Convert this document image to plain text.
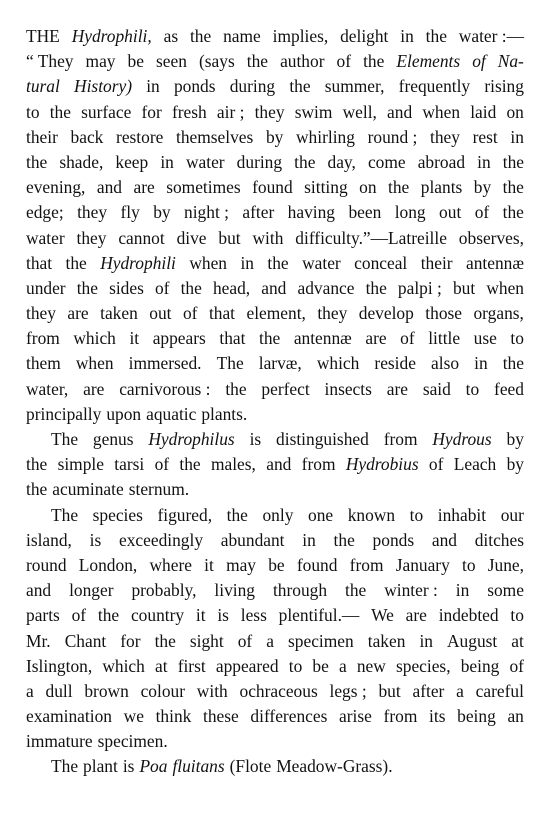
THE Hydrophili, as the name implies, delight in the water :—
“ They may be seen (says the author of the Elements of Na-
tural History) in ponds during the summer, frequently rising
to the surface for fresh air ; they swim well, and when laid on
their back restore themselves by whirling round ; they rest in
the shade, keep in water during the day, come abroad in the
evening, and are sometimes found sitting on the plants by the
edge; they fly by night ; after having been long out of the
water they cannot dive but with difficulty.”—Latreille observes,
that the Hydrophili when in the water conceal their antennæ
under the sides of the head, and advance the palpi ; but when
they are taken out of that element, they develop those organs,
from which it appears that the antennæ are of little use to
them when immersed. The larvæ, which reside also in the
water, are carnivorous : the perfect insects are said to feed
principally upon aquatic plants.
The genus Hydrophilus is distinguished from Hydrous by
the simple tarsi of the males, and from Hydrobius of Leach by
the acuminate sternum.
The species figured, the only one known to inhabit our
island, is exceedingly abundant in the ponds and ditches
round London, where it may be found from January to June,
and longer probably, living through the winter : in some
parts of the country it is less plentiful.— We are indebted to
Mr. Chant for the sight of a specimen taken in August at
Islington, which at first appeared to be a new species, being of
a dull brown colour with ochraceous legs ; but after a careful
examination we think these differences arise from its being an
immature specimen.
The plant is Poa fluitans (Flote Meadow-Grass).
